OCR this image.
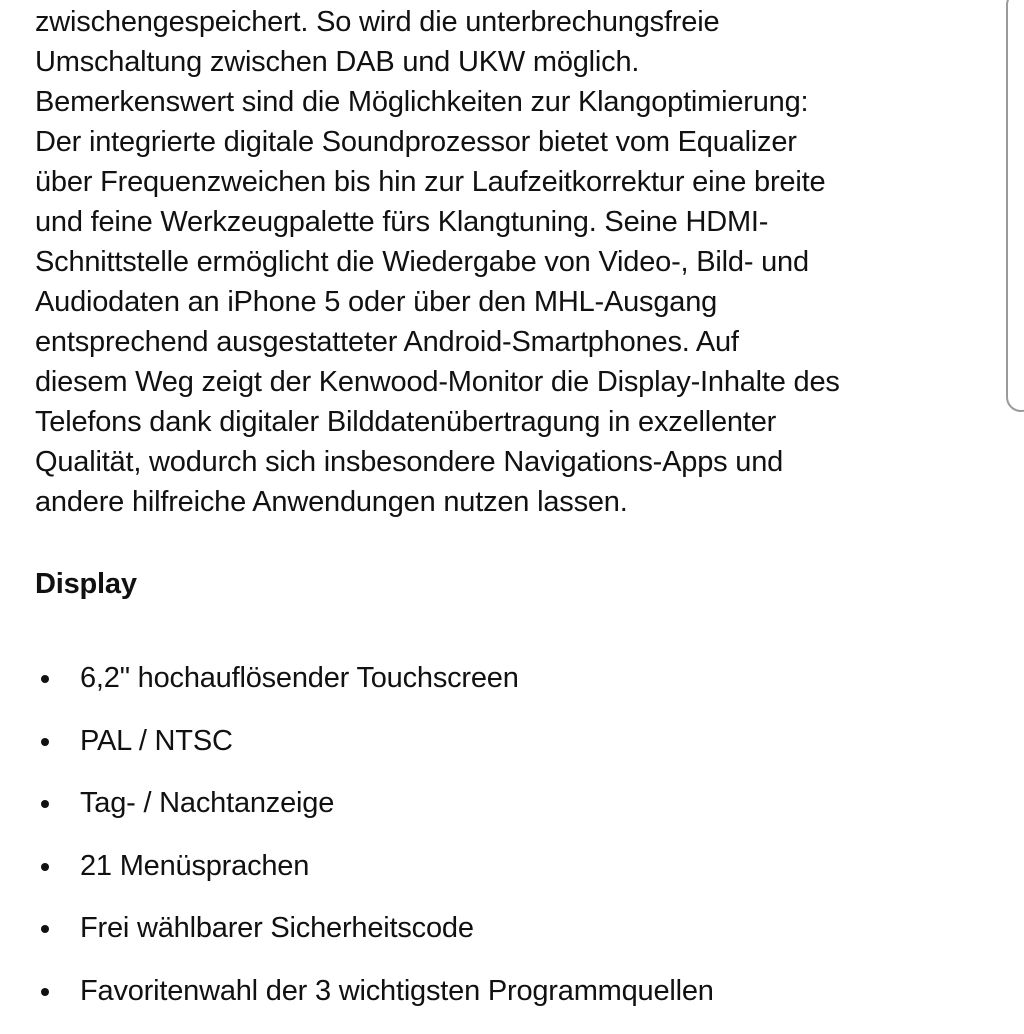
zwischengespeichert. So wird die unterbrechungsfreie
Umschaltung zwischen DAB und UKW möglich.
Bemerkenswert sind die Möglichkeiten zur Klangoptimierung:
Der integrierte digitale Soundprozessor bietet vom Equalizer
über Frequenzweichen bis hin zur Laufzeitkorrektur eine breite
und feine Werkzeugpalette fürs Klangtuning. Seine HDMI-
Schnittstelle ermöglicht die Wiedergabe von Video-, Bild- und
Audiodaten an iPhone 5 oder über den MHL-Ausgang
entsprechend ausgestatteter Android-Smartphones. Auf
diesem Weg zeigt der Kenwood-Monitor die Display-Inhalte des
Telefons dank digitaler Bilddatenübertragung in exzellenter
Qualität, wodurch sich insbesondere Navigations-Apps und
andere hilfreiche Anwendungen nutzen lassen.

Display
6,2" hochauflösender Touchscreen
PAL / NTSC
Tag- / Nachtanzeige
21 Menüsprachen
Frei wählbarer Sicherheitscode
Favoritenwahl der 3 wichtigsten Programmquellen
